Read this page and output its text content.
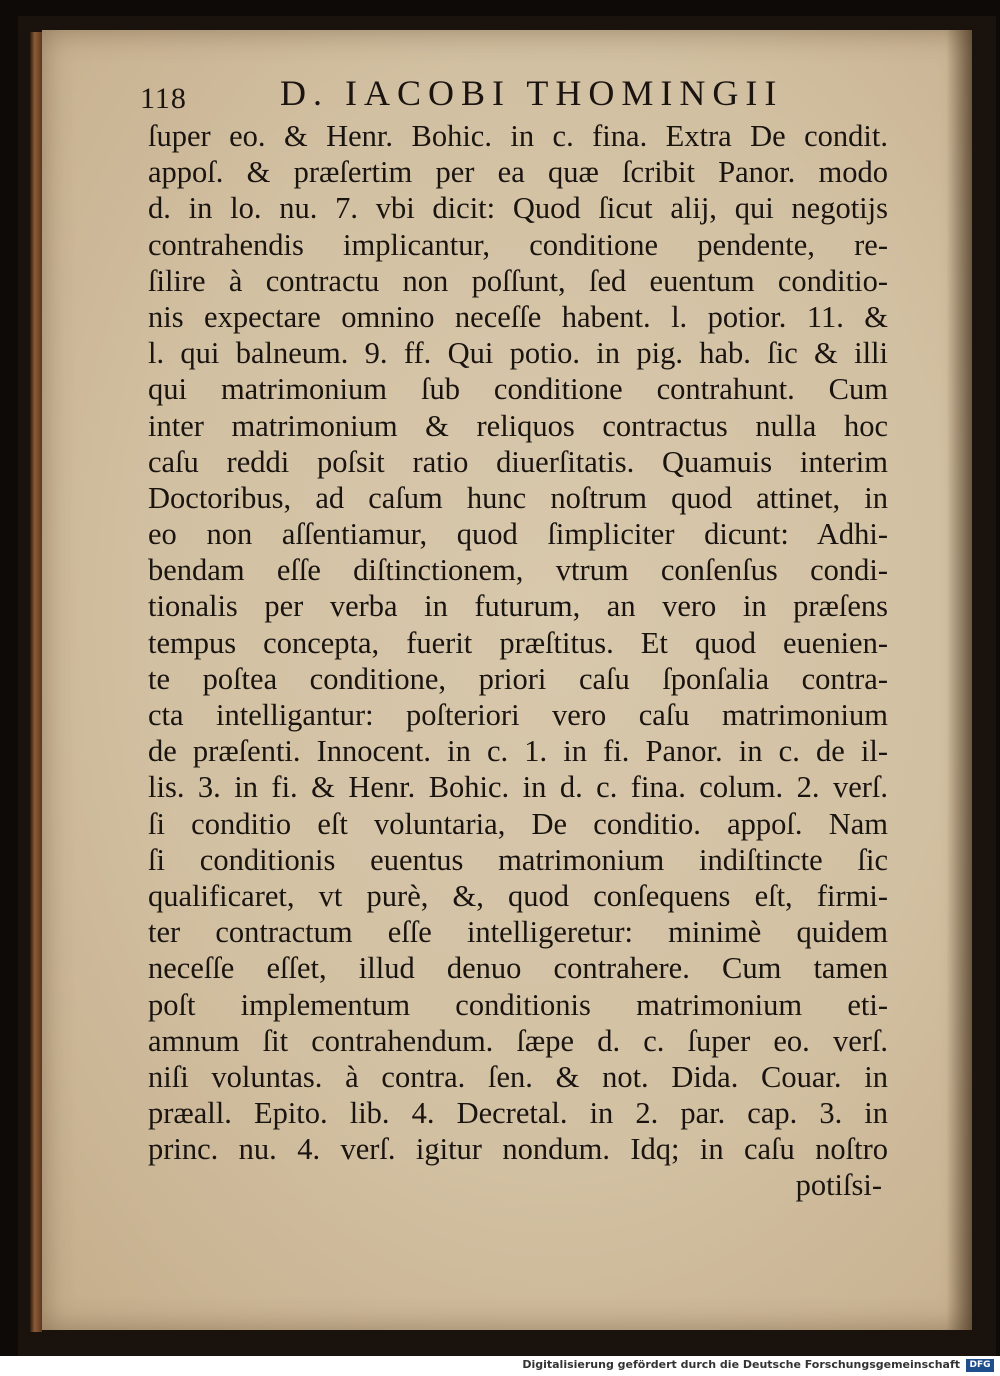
118	D. IACOBI THOMINGII
ſuper eo. & Henr. Bohic. in c. fina. Extra De condit.
appoſ. & præſertim per ea quæ ſcribit Panor. modo
d. in lo. nu. 7. vbi dicit: Quod ſicut alij, qui negotijs
contrahendis implicantur, conditione pendente, re-
ſilire à contractu non poſſunt, ſed euentum conditio-
nis expectare omnino neceſſe habent. l. potior. 11. &
l. qui balneum. 9. ff. Qui potio. in pig. hab. ſic & illi
qui matrimonium ſub conditione contrahunt. Cum
inter matrimonium & reliquos contractus nulla hoc
caſu reddi poſsit ratio diuerſitatis. Quamuis interim
Doctoribus, ad caſum hunc noſtrum quod attinet, in
eo non aſſentiamur, quod ſimpliciter dicunt: Adhi-
bendam eſſe diſtinctionem, vtrum conſenſus condi-
tionalis per verba in futurum, an vero in præſens
tempus concepta, fuerit præſtitus. Et quod euenien-
te poſtea conditione, priori caſu ſponſalia contra-
cta intelligantur: poſteriori vero caſu matrimonium
de præſenti. Innocent. in c. 1. in fi. Panor. in c. de il-
lis. 3. in fi. & Henr. Bohic. in d. c. fina. colum. 2. verſ.
ſi conditio eſt voluntaria, De conditio. appoſ. Nam
ſi conditionis euentus matrimonium indiſtincte ſic
qualificaret, vt purè, &, quod conſequens eſt, firmi-
ter contractum eſſe intelligeretur: minimè quidem
neceſſe eſſet, illud denuo contrahere. Cum tamen
poſt implementum conditionis matrimonium eti-
amnum ſit contrahendum. ſæpe d. c. ſuper eo. verſ.
niſi voluntas. à contra. ſen. & not. Dida. Couar. in
præall. Epito. lib. 4. Decretal. in 2. par. cap. 3. in
princ. nu. 4. verſ. igitur nondum. Idq; in caſu noſtro
potiſsi-
Digitalisierung gefördert durch die Deutsche Forschungsgemeinschaft	DFG
